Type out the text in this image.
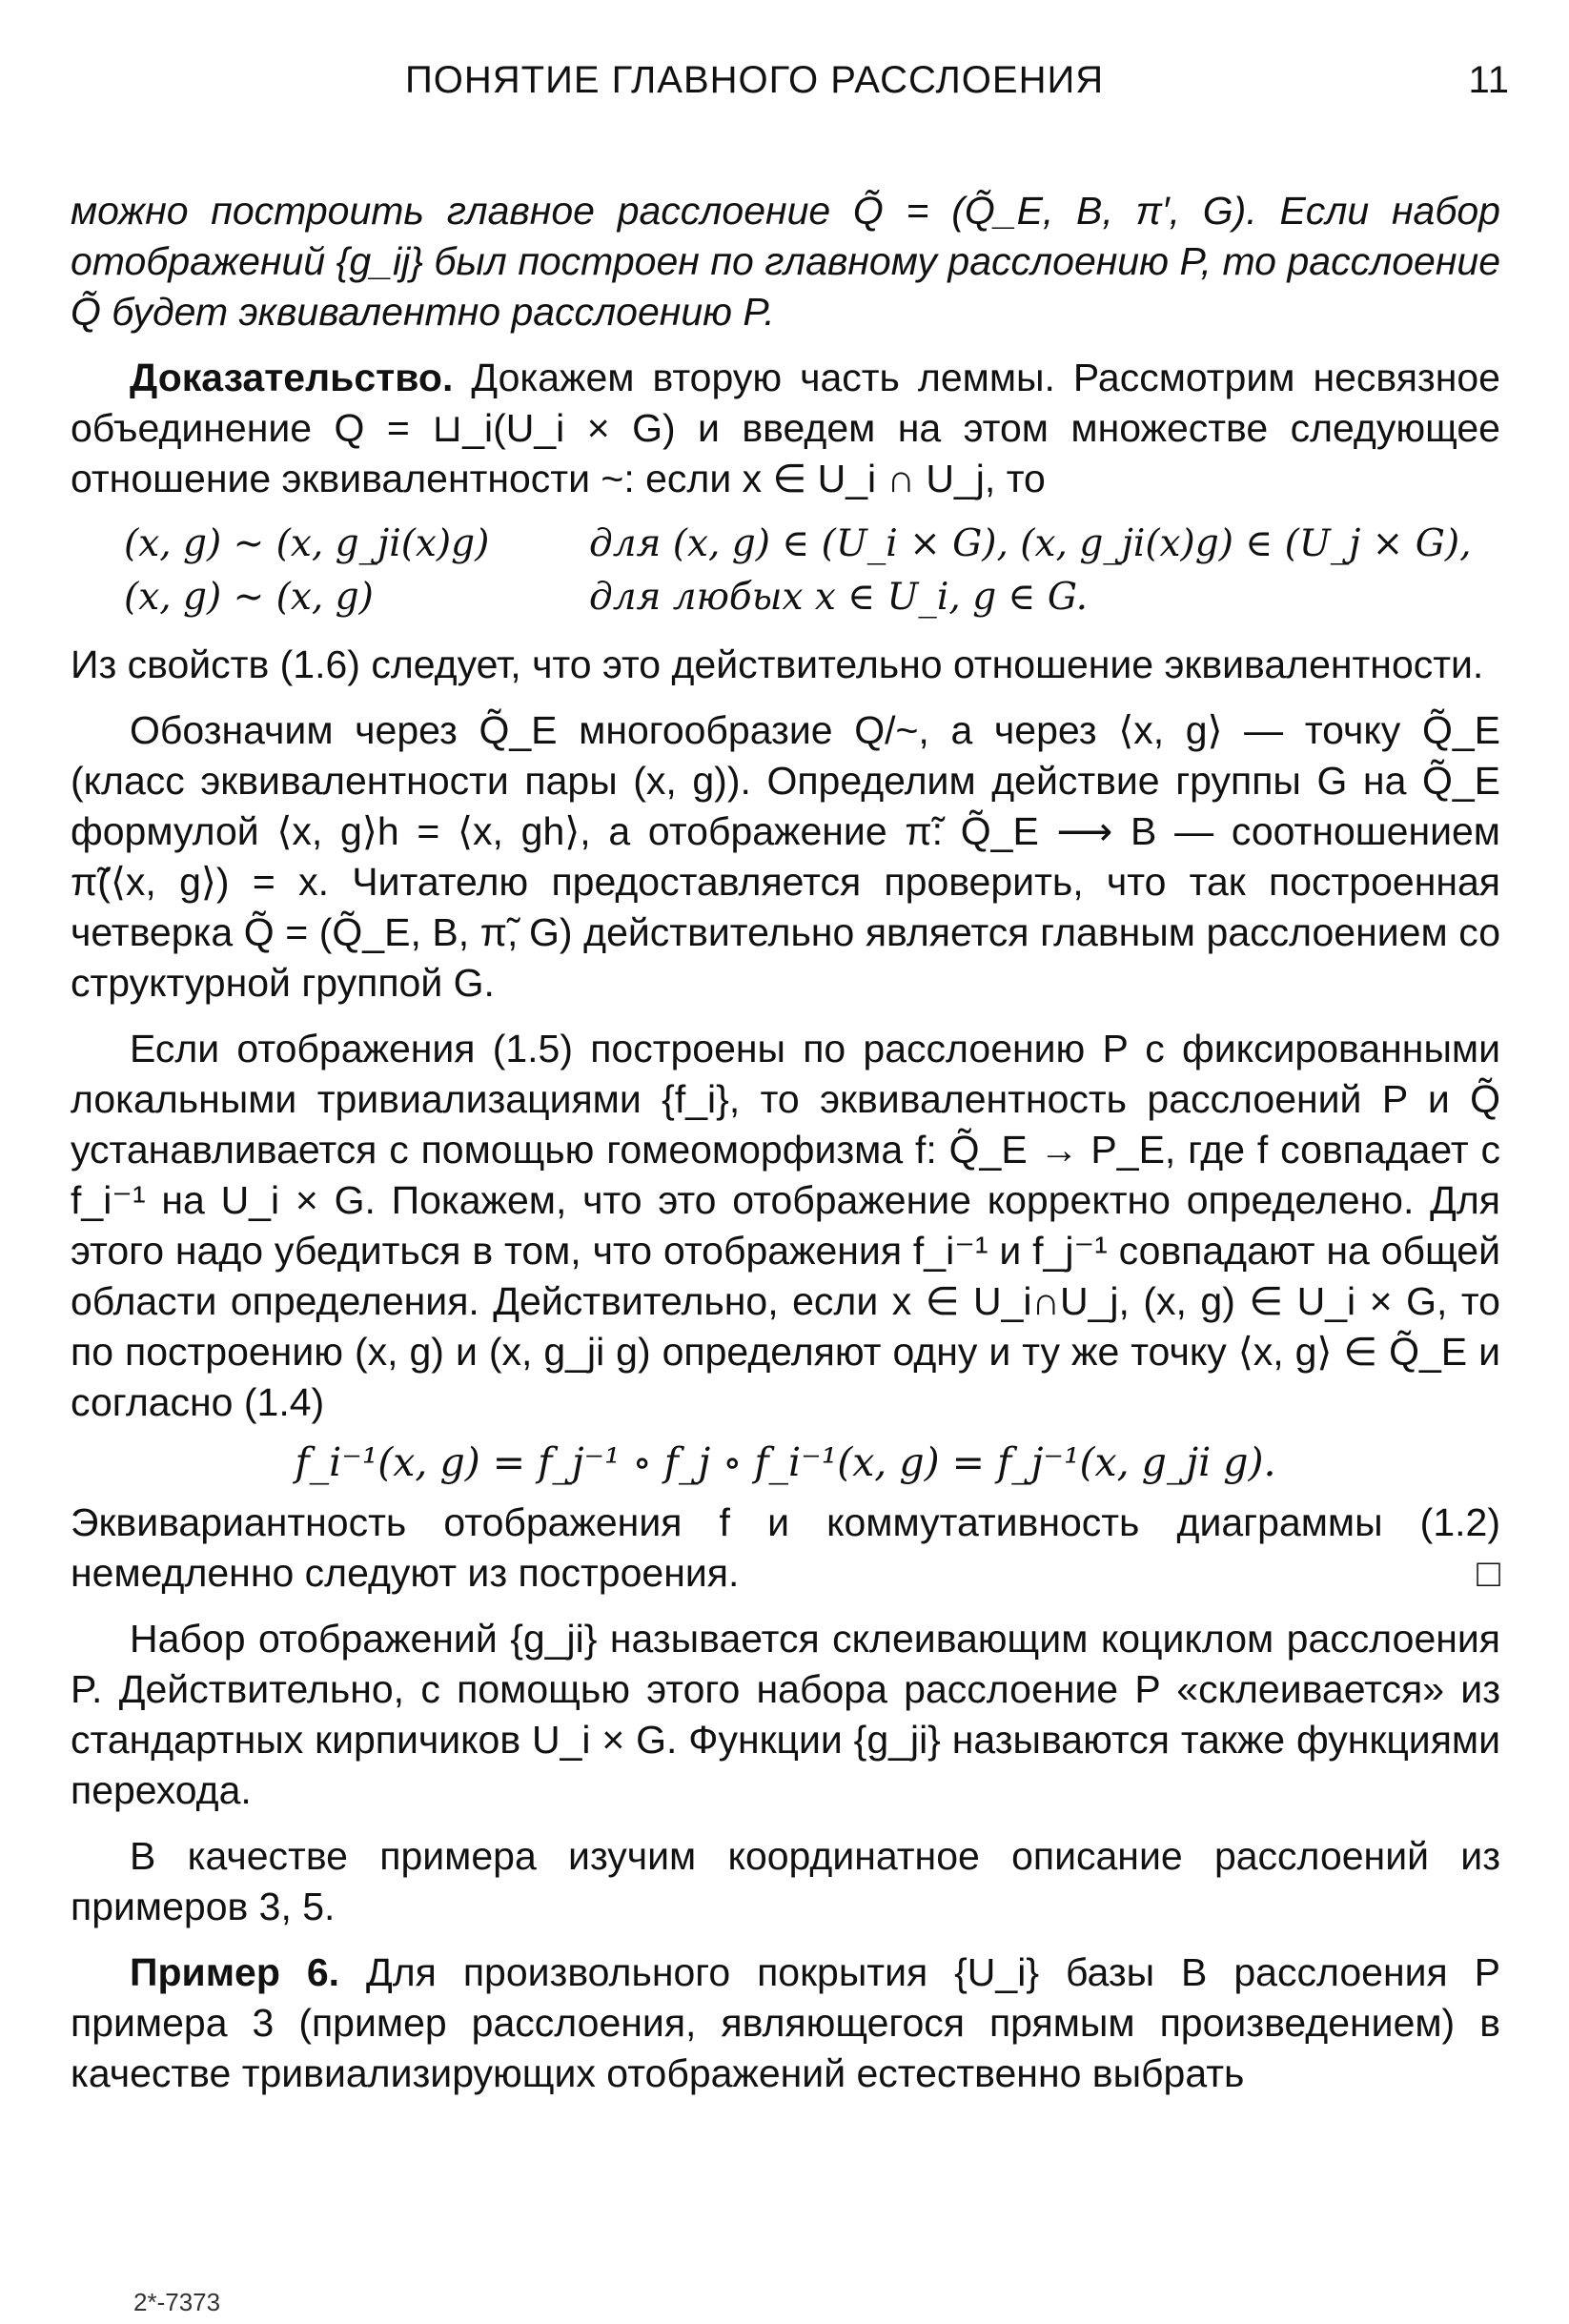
ПОНЯТИЕ ГЛАВНОГО РАССЛОЕНИЯ	11

можно построить главное расслоение Q̃ = (Q̃_E, B, π′, G). Если набор отображений {g_ij} был построен по главному расслоению P, то расслоение Q̃ будет эквивалентно расслоению P.

Доказательство. Докажем вторую часть леммы. Рассмотрим несвязное объединение Q = ⊔_i(U_i × G) и введем на этом множестве следующее отношение эквивалентности ~: если x ∈ U_i ∩ U_j, то

(x, g) ~ (x, g_ji(x)g)	для (x, g) ∈ (U_i × G), (x, g_ji(x)g) ∈ (U_j × G),
(x, g) ~ (x, g)	для любых x ∈ U_i, g ∈ G.

Из свойств (1.6) следует, что это действительно отношение эквивалентности.

Обозначим через Q̃_E многообразие Q/~, а через ⟨x, g⟩ — точку Q̃_E (класс эквивалентности пары (x, g)). Определим действие группы G на Q̃_E формулой ⟨x, g⟩h = ⟨x, gh⟩, а отображение π̃: Q̃_E ⟶ B — соотношением π̃(⟨x, g⟩) = x. Читателю предоставляется проверить, что так построенная четверка Q̃ = (Q̃_E, B, π̃, G) действительно является главным расслоением со структурной группой G.

Если отображения (1.5) построены по расслоению P с фиксированными локальными тривиализациями {f_i}, то эквивалентность расслоений P и Q̃ устанавливается с помощью гомеоморфизма f: Q̃_E → P_E, где f совпадает с f_i⁻¹ на U_i × G. Покажем, что это отображение корректно определено. Для этого надо убедиться в том, что отображения f_i⁻¹ и f_j⁻¹ совпадают на общей области определения. Действительно, если x ∈ U_i∩U_j, (x, g) ∈ U_i × G, то по построению (x, g) и (x, g_ji g) определяют одну и ту же точку ⟨x, g⟩ ∈ Q̃_E и согласно (1.4)

f_i⁻¹(x, g) = f_j⁻¹ ∘ f_j ∘ f_i⁻¹(x, g) = f_j⁻¹(x, g_ji g).

Эквивариантность отображения f и коммутативность диаграммы (1.2) немедленно следуют из построения.	□

Набор отображений {g_ji} называется склеивающим коциклом расслоения P. Действительно, с помощью этого набора расслоение P «склеивается» из стандартных кирпичиков U_i × G. Функции {g_ji} называются также функциями перехода.

В качестве примера изучим координатное описание расслоений из примеров 3, 5.

Пример 6. Для произвольного покрытия {U_i} базы B расслоения P примера 3 (пример расслоения, являющегося прямым произведением) в качестве тривиализирующих отображений естественно выбрать

2*-7373
